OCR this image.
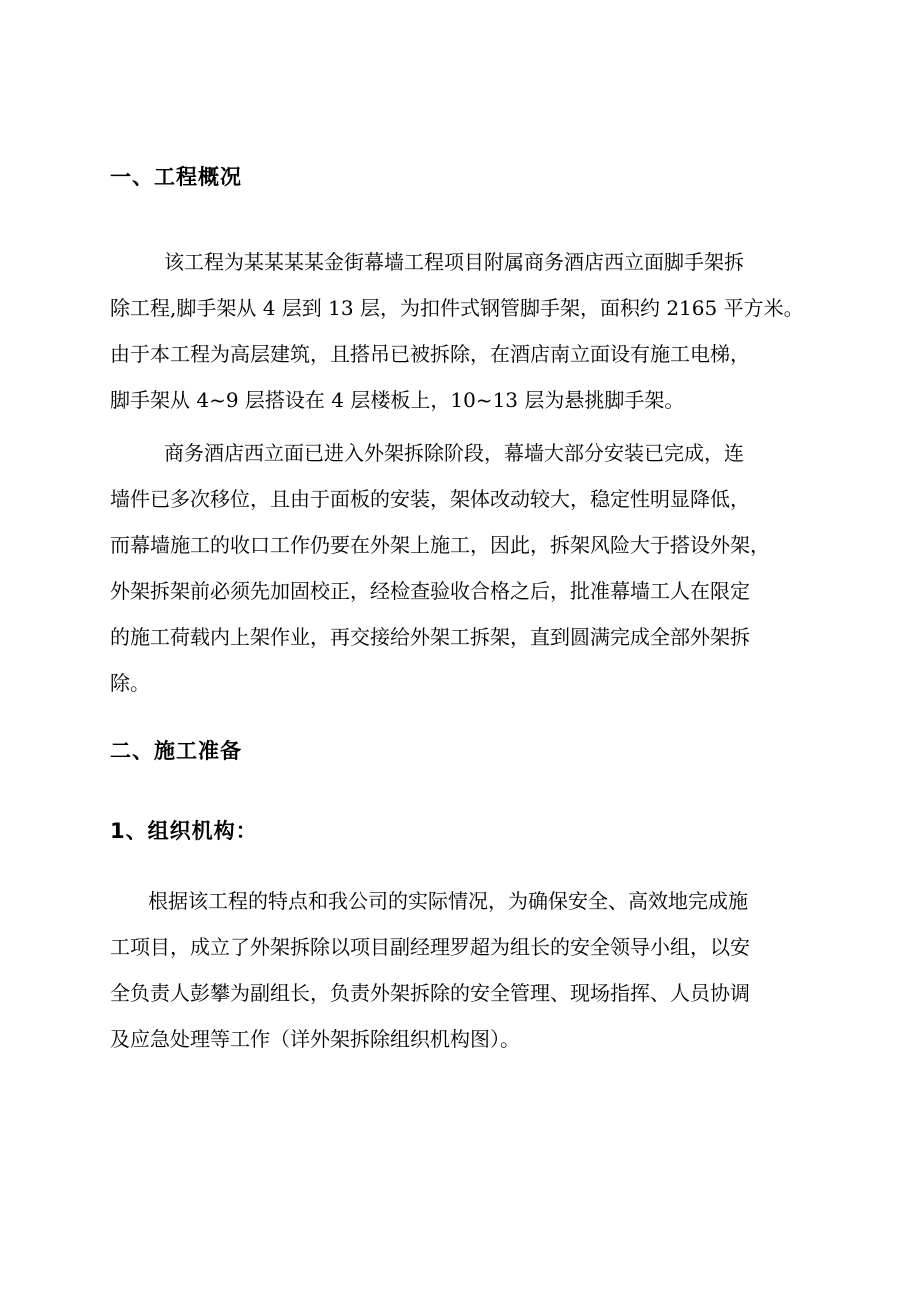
一、工程概况
该工程为某某某某金街幕墙工程项目附属商务酒店西立面脚手架拆
除工程,脚手架从 4 层到 13 层，为扣件式钢管脚手架，面积约 2165 平方米。
由于本工程为高层建筑，且搭吊已被拆除，在酒店南立面设有施工电梯，
脚手架从 4~9 层搭设在 4 层楼板上，10~13 层为悬挑脚手架。
商务酒店西立面已进入外架拆除阶段，幕墙大部分安装已完成，连
墙件已多次移位，且由于面板的安装，架体改动较大，稳定性明显降低，
而幕墙施工的收口工作仍要在外架上施工，因此，拆架风险大于搭设外架，
外架拆架前必须先加固校正，经检查验收合格之后，批准幕墙工人在限定
的施工荷载内上架作业，再交接给外架工拆架，直到圆满完成全部外架拆
除。
二、施工准备
1、组织机构：
根据该工程的特点和我公司的实际情况，为确保安全、高效地完成施
工项目，成立了外架拆除以项目副经理罗超为组长的安全领导小组，以安
全负责人彭攀为副组长，负责外架拆除的安全管理、现场指挥、人员协调
及应急处理等工作（详外架拆除组织机构图）。
